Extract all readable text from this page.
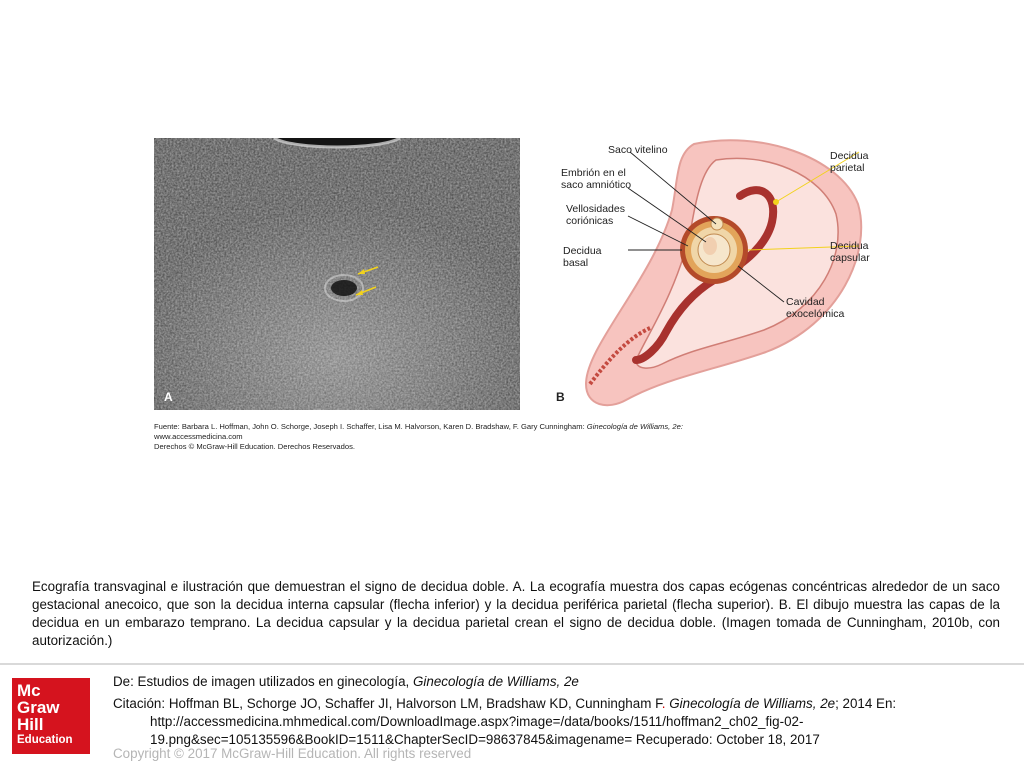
A
Saco vitelino
Embrión en el
saco amniótico
Vellosidades
coriónicas
Decidua
basal
Decidua
parietal
Decidua
capsular
Cavidad
exocelómica
B
Fuente: Barbara L. Hoffman, John O. Schorge, Joseph I. Schaffer, Lisa M. Halvorson, Karen D. Bradshaw, F. Gary Cunningham: Ginecología de Williams, 2e:
www.accessmedicina.com
Derechos © McGraw-Hill Education. Derechos Reservados.
Ecografía transvaginal e ilustración que demuestran el signo de decidua doble. A. La ecografía muestra dos capas ecógenas concéntricas alrededor de un saco gestacional anecoico, que son la decidua interna capsular (flecha inferior) y la decidua periférica parietal (flecha superior). B. El dibujo muestra las capas de la decidua en un embarazo temprano. La decidua capsular y la decidua parietal crean el signo de decidua doble. (Imagen tomada de Cunningham, 2010b, con autorización.)
Mc
Graw
Hill
Education
De: Estudios de imagen utilizados en ginecología, Ginecología de Williams, 2e
Citación: Hoffman BL, Schorge JO, Schaffer JI, Halvorson LM, Bradshaw KD, Cunningham F. Ginecología de Williams, 2e; 2014 En:
http://accessmedicina.mhmedical.com/DownloadImage.aspx?image=/data/books/1511/hoffman2_ch02_fig-02-
19.png&sec=105135596&BookID=1511&ChapterSecID=98637845&imagename= Recuperado: October 18, 2017
Copyright © 2017 McGraw-Hill Education. All rights reserved
